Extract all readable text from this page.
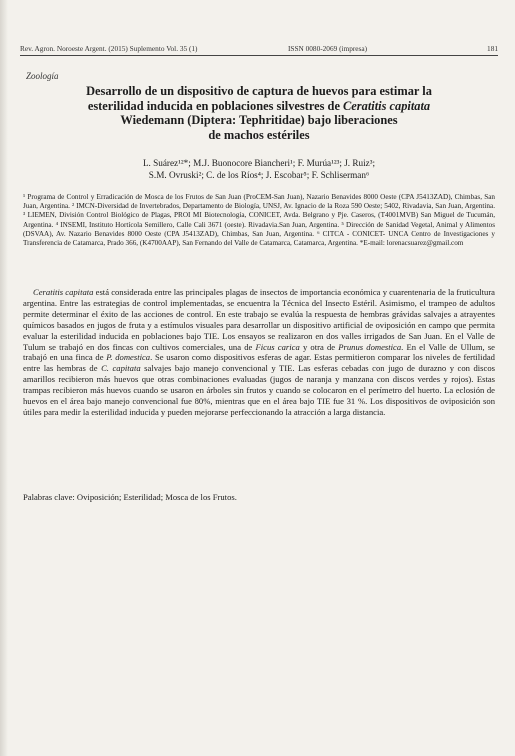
Rev. Agron. Noroeste Argent. (2015) Suplemento Vol. 35 (1)	ISSN 0080-2069 (impresa)	181

Zoología
Desarrollo de un dispositivo de captura de huevos para estimar la
esterilidad inducida en poblaciones silvestres de Ceratitis capitata
Wiedemann (Diptera: Tephritidae) bajo liberaciones
de machos estériles
L. Suárez¹²*; M.J. Buonocore Biancheri¹; F. Murúa¹²³; J. Ruiz³;
S.M. Ovruski²; C. de los Ríos⁴; J. Escobar⁵; F. Schliserman⁶
¹ Programa de Control y Erradicación de Mosca de los Frutos de San Juan (ProCEM-San Juan), Nazario Benavides 8000 Oeste (CPA J5413ZAD), Chimbas, San Juan, Argentina. ² IMCN-Diversidad de Invertebrados, Departamento de Biología, UNSJ, Av. Ignacio de la Roza 590 Oeste; 5402, Rivadavia, San Juan, Argentina. ³ LIEMEN, División Control Biológico de Plagas, PROI MI Biotecnología, CONICET, Avda. Belgrano y Pje. Caseros, (T4001MVB) San Miguel de Tucumán, Argentina. ⁴ INSEMI, Instituto Hortícola Semillero, Calle Cali 3671 (oeste). Rivadavia.San Juan, Argentina. ⁵ Dirección de Sanidad Vegetal, Animal y Alimentos (DSVAA), Av. Nazario Benavides 8000 Oeste (CPA J5413ZAD), Chimbas, San Juan, Argentina. ⁶ CITCA - CONICET- UNCA Centro de Investigaciones y Transferencia de Catamarca, Prado 366, (K4700AAP), San Fernando del Valle de Catamarca, Catamarca, Argentina. *E-mail: lorenacsuarez@gmail.com
Ceratitis capitata está considerada entre las principales plagas de insectos de importancia económica y cuarentenaria de la fruticultura argentina. Entre las estrategias de control implementadas, se encuentra la Técnica del Insecto Estéril. Asimismo, el trampeo de adultos permite determinar el éxito de las acciones de control. En este trabajo se evalúa la respuesta de hembras grávidas salvajes a atrayentes químicos basados en jugos de fruta y a estímulos visuales para desarrollar un dispositivo artificial de oviposición en campo que permita evaluar la esterilidad inducida en poblaciones bajo TIE. Los ensayos se realizaron en dos valles irrigados de San Juan. En el Valle de Tulum se trabajó en dos fincas con cultivos comerciales, una de Ficus carica y otra de Prunus domestica. En el Valle de Ullum, se trabajó en una finca de P. domestica. Se usaron como dispositivos esferas de agar. Estas permitieron comparar los niveles de fertilidad entre las hembras de C. capitata salvajes bajo manejo convencional y TIE. Las esferas cebadas con jugo de durazno y con discos amarillos recibieron más huevos que otras combinaciones evaluadas (jugos de naranja y manzana con discos verdes y rojos). Estas trampas recibieron más huevos cuando se usaron en árboles sin frutos y cuando se colocaron en el perímetro del huerto. La eclosión de huevos en el área bajo manejo convencional fue 80%, mientras que en el área bajo TIE fue 31 %. Los dispositivos de oviposición son útiles para medir la esterilidad inducida y pueden mejorarse perfeccionando la atracción a larga distancia.
Palabras clave: Oviposición; Esterilidad; Mosca de los Frutos.
